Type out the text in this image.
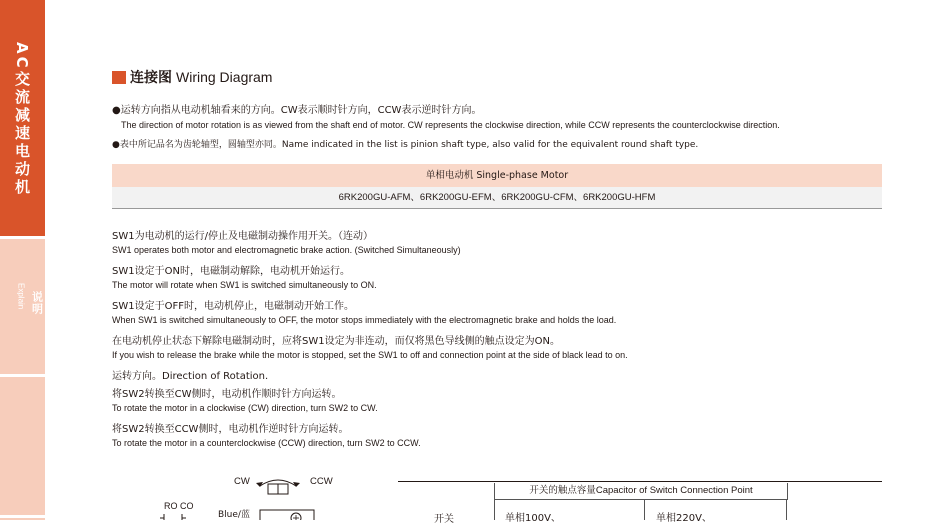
AC交流减速电动机
说明
Explain
感应电动机
Induction Motor
连接图 Wiring Diagram
●运转方向指从电动机轴看来的方向。CW表示顺时针方向，CCW表示逆时针方向。
The direction of motor rotation is as viewed from the shaft end of motor. CW represents the clockwise direction, while CCW represents the counterclockwise direction.
●表中所记品名为齿轮轴型，圆轴型亦同。Name indicated in the list is pinion shaft type, also valid for the equivalent round shaft type.
单相电动机 Single-phase Motor
6RK200GU-AFM、6RK200GU-EFM、6RK200GU-CFM、6RK200GU-HFM
SW1为电动机的运行/停止及电磁制动操作用开关。（连动）
SW1 operates both motor and electromagnetic brake action. (Switched Simultaneously)
SW1设定于ON时，电磁制动解除，电动机开始运行。
The motor will rotate when SW1 is switched simultaneously to ON.
SW1设定于OFF时，电动机停止，电磁制动开始工作。
When SW1 is switched simultaneously to OFF, the motor stops immediately with the electromagnetic brake and holds the load.
在电动机停止状态下解除电磁制动时，应将SW1设定为非连动，而仅将黑色导线侧的触点设定为ON。
If you wish to release the brake while the motor is stopped, set the SW1 to off and connection point at the side of black lead to on.
运转方向。Direction of Rotation.
将SW2转换至CW侧时，电动机作顺时针方向运转。
To rotate the motor in a clockwise (CW) direction, turn SW2 to CW.
将SW2转换至CCW侧时，电动机作逆时针方向运转。
To rotate the motor in a counterclockwise (CCW) direction, turn SW2 to CCW.
CW	CCW
RO CO
Blue/蓝
开关的触点容量Capacitor of Switch Connection Point
开关	单相100V、	单相220V、
